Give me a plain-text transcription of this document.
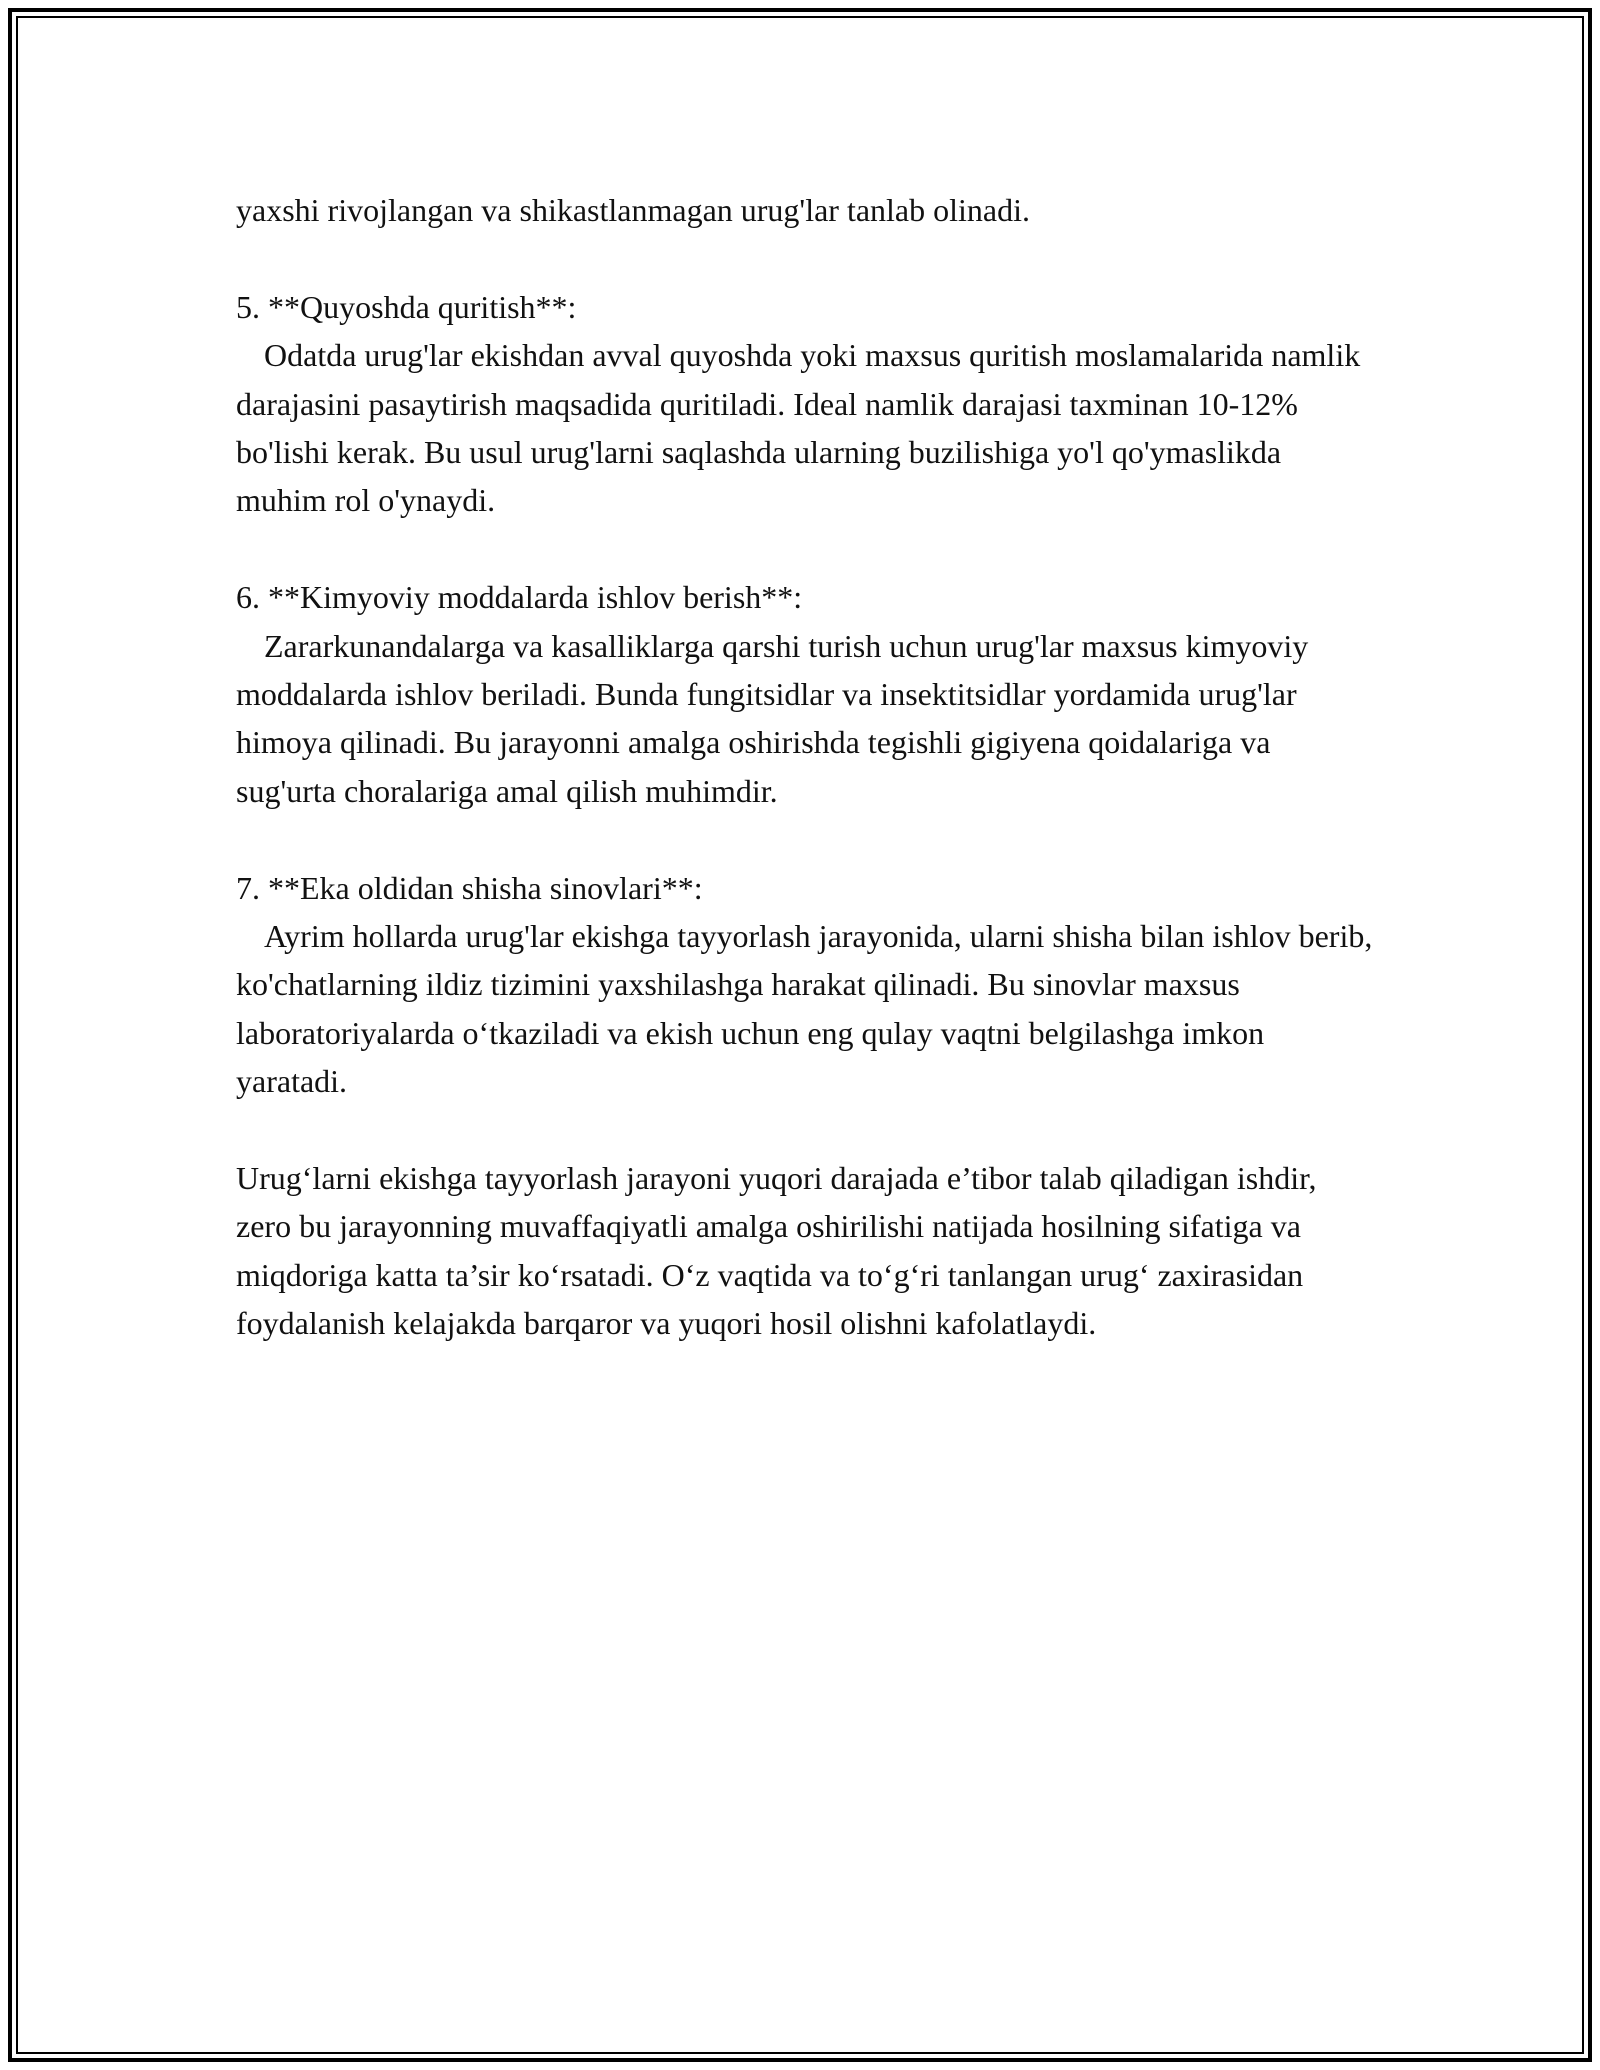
yaxshi rivojlangan va shikastlanmagan urug'lar tanlab olinadi.

5. **Quyoshda quritish**:
Odatda urug'lar ekishdan avval quyoshda yoki maxsus quritish moslamalarida namlik darajasini pasaytirish maqsadida quritiladi. Ideal namlik darajasi taxminan 10-12% bo'lishi kerak. Bu usul urug'larni saqlashda ularning buzilishiga yo'l qo'ymaslikda muhim rol o'ynaydi.

6. **Kimyoviy moddalarda ishlov berish**:
Zararkunandalarga va kasalliklarga qarshi turish uchun urug'lar maxsus kimyoviy moddalarda ishlov beriladi. Bunda fungitsidlar va insektitsidlar yordamida urug'lar himoya qilinadi. Bu jarayonni amalga oshirishda tegishli gigiyena qoidalariga va sug'urta choralariga amal qilish muhimdir.

7. **Eka oldidan shisha sinovlari**:
Ayrim hollarda urug'lar ekishga tayyorlash jarayonida, ularni shisha bilan ishlov berib, ko'chatlarning ildiz tizimini yaxshilashga harakat qilinadi. Bu sinovlar maxsus laboratoriyalarda o‘tkaziladi va ekish uchun eng qulay vaqtni belgilashga imkon yaratadi.

Urug‘larni ekishga tayyorlash jarayoni yuqori darajada e’tibor talab qiladigan ishdir, zero bu jarayonning muvaffaqiyatli amalga oshirilishi natijada hosilning sifatiga va miqdoriga katta ta’sir ko‘rsatadi. O‘z vaqtida va to‘g‘ri tanlangan urug‘ zaxirasidan foydalanish kelajakda barqaror va yuqori hosil olishni kafolatlaydi.
